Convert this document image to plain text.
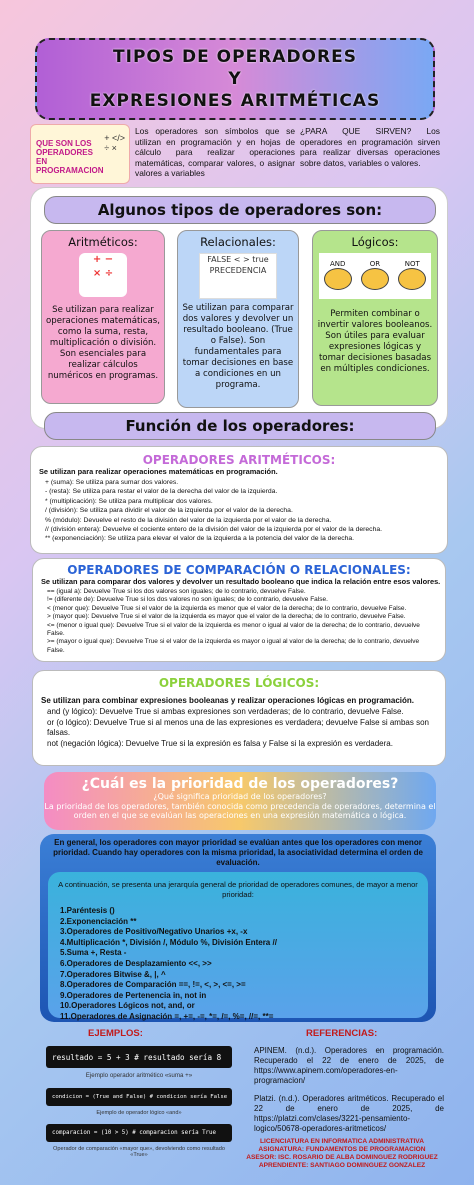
TIPOS DE OPERADORES
Y
EXPRESIONES ARITMÉTICAS
QUE SON LOS OPERADORES EN PROGRAMACION
+ </>
÷ ×
Los operadores son símbolos que se utilizan en programación y en hojas de cálculo para realizar operaciones matemáticas, comparar valores, o asignar valores a variables
¿PARA QUE SIRVEN? Los operadores en programación sirven para realizar diversas operaciones sobre datos, variables o valores.
Algunos tipos de operadores son:
Aritméticos:
+ −
× ÷
Se utilizan para realizar operaciones matemáticas, como la suma, resta, multiplicación o división. Son esenciales para realizar cálculos numéricos en programas.
Relacionales:
FALSE < > true PRECEDENCIA
Se utilizan para comparar dos valores y devolver un resultado booleano. (True o False). Son fundamentales para tomar decisiones en base a condiciones en un programa.
Lógicos:
AND	OR	NOT
Permiten combinar o invertir valores booleanos. Son útiles para evaluar expresiones lógicas y tomar decisiones basadas en múltiples condiciones.
Función de los operadores:
OPERADORES ARITMÉTICOS:
Se utilizan para realizar operaciones matemáticas en programación.
+ (suma): Se utiliza para sumar dos valores.
- (resta): Se utiliza para restar el valor de la derecha del valor de la izquierda.
* (multiplicación): Se utiliza para multiplicar dos valores.
/ (división): Se utiliza para dividir el valor de la izquierda por el valor de la derecha.
% (módulo): Devuelve el resto de la división del valor de la izquierda por el valor de la derecha.
// (división entera): Devuelve el cociente entero de la división del valor de la izquierda por el valor de la derecha.
** (exponenciación): Se utiliza para elevar el valor de la izquierda a la potencia del valor de la derecha.
OPERADORES DE COMPARACIÓN O RELACIONALES:
Se utilizan para comparar dos valores y devolver un resultado booleano que indica la relación entre esos valores.
== (igual a): Devuelve True si los dos valores son iguales; de lo contrario, devuelve False.
!= (diferente de): Devuelve True si los dos valores no son iguales; de lo contrario, devuelve False.
< (menor que): Devuelve True si el valor de la izquierda es menor que el valor de la derecha; de lo contrario, devuelve False.
> (mayor que): Devuelve True si el valor de la izquierda es mayor que el valor de la derecha; de lo contrario, devuelve False.
<= (menor o igual que): Devuelve True si el valor de la izquierda es menor o igual al valor de la derecha; de lo contrario, devuelve False.
>= (mayor o igual que): Devuelve True si el valor de la izquierda es mayor o igual al valor de la derecha; de lo contrario, devuelve False.
OPERADORES LÓGICOS:
Se utilizan para combinar expresiones booleanas y realizar operaciones lógicas en programación.
and (y lógico): Devuelve True si ambas expresiones son verdaderas; de lo contrario, devuelve False.
or (o lógico): Devuelve True si al menos una de las expresiones es verdadera; devuelve False si ambas son falsas.
not (negación lógica): Devuelve True si la expresión es falsa y False si la expresión es verdadera.
¿Cuál es la prioridad de los operadores?
¿Qué significa prioridad de los operadores?
La prioridad de los operadores, también conocida como precedencia de operadores, determina el orden en el que se evalúan las operaciones en una expresión matemática o lógica.
En general, los operadores con mayor prioridad se evalúan antes que los operadores con menor prioridad. Cuando hay operadores con la misma prioridad, la asociatividad determina el orden de evaluación.
A continuación, se presenta una jerarquía general de prioridad de operadores comunes, de mayor a menor prioridad:
1.Paréntesis ()
2.Exponenciación **
3.Operadores de Positivo/Negativo Unarios +x, -x
4.Multiplicación *, División /, Módulo %, División Entera //
5.Suma +, Resta -
6.Operadores de Desplazamiento <<, >>
7.Operadores Bitwise &, |, ^
8.Operadores de Comparación ==, !=, <, >, <=, >=
9.Operadores de Pertenencia in, not in
10.Operadores Lógicos not, and, or
11.Operadores de Asignación =, +=, -=, *=, /=, %=, //=, **=
EJEMPLOS:
resultado = 5 + 3 # resultado sería 8
Ejemplo operador aritmético «suma +»
condicion = (True and False) # condicion sería False
Ejemplo de operador lógico «and»
comparacion = (10 > 5) # comparacion sería True
Operador de comparación «mayor que», devolviendo como resultado «True»
REFERENCIAS:
APINEM. (n.d.). Operadores en programación. Recuperado el 22 de enero de 2025, de https://www.apinem.com/operadores-en-programacion/
Platzi. (n.d.). Operadores aritméticos. Recuperado el 22 de enero de 2025, de https://platzi.com/clases/3221-pensamiento-logico/50678-operadores-aritmeticos/
LICENCIATURA EN INFORMATICA ADMINISTRATIVA
ASIGNATURA: FUNDAMENTOS DE PROGRAMACION
ASESOR: ISC. ROSARIO DE ALBA DOMINGUEZ RODRIGUEZ
APRENDIENTE: SANTIAGO DOMINGUEZ GONZALEZ
